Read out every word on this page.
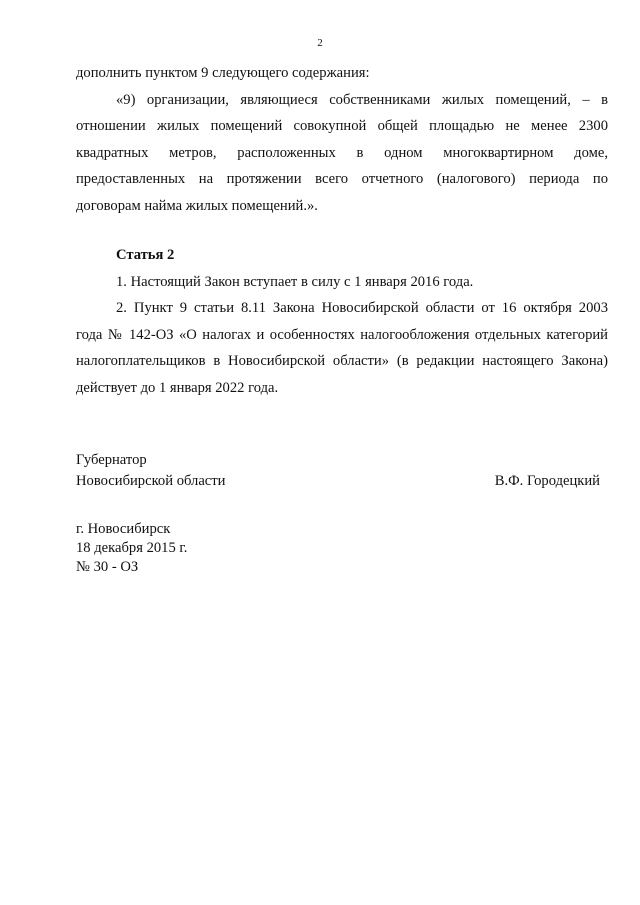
2
дополнить пунктом 9 следующего содержания:
«9) организации, являющиеся собственниками жилых помещений, – в
отношении жилых помещений совокупной общей площадью не менее 2300
квадратных метров, расположенных в одном многоквартирном доме,
предоставленных на протяжении всего отчетного (налогового) периода по
договорам найма жилых помещений.».
Статья 2
1. Настоящий Закон вступает в силу с 1 января 2016 года.
2. Пункт 9 статьи 8.11 Закона Новосибирской области от 16 октября 2003
года № 142-ОЗ «О налогах и особенностях налогообложения отдельных категорий
налогоплательщиков в Новосибирской области» (в редакции настоящего Закона)
действует до 1 января 2022 года.
Губернатор
Новосибирской области	В.Ф. Городецкий
г. Новосибирск
18 декабря 2015 г.
№ 30 - ОЗ
